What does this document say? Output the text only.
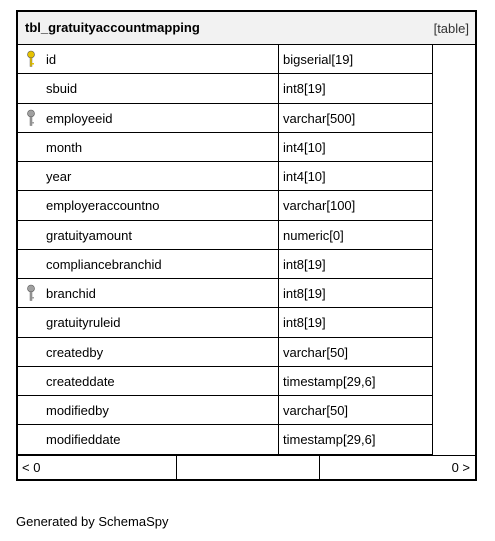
tbl_gratuityaccountmapping	[table]
id	bigserial[19]
sbuid	int8[19]
employeeid	varchar[500]
month	int4[10]
year	int4[10]
employeraccountno	varchar[100]
gratuityamount	numeric[0]
compliancebranchid	int8[19]
branchid	int8[19]
gratuityruleid	int8[19]
createdby	varchar[50]
createddate	timestamp[29,6]
modifiedby	varchar[50]
modifieddate	timestamp[29,6]
< 0	0 >
Generated by SchemaSpy
